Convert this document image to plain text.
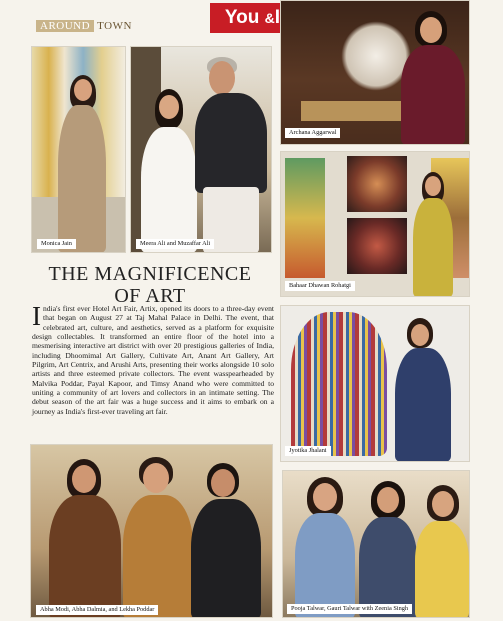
AROUND TOWN	You &I
Monica Jain	Meera Ali and Muzaffar Ali
Archana Aggarwal
Bahaar Dhawan Rohatgi
Jyotika Jhalani
Abha Modi, Abha Dalmia, and Lekha Poddar	Pooja Talwar, Gauri Talwar with Zeenia Singh
THE MAGNIFICENCE
OF ART
India's first ever Hotel Art Fair, Artix, opened its doors to a three-day event that began on August 27 at Taj Mahal Palace in Delhi. The event, that celebrated art, culture, and aesthetics, served as a platform for exquisite design collectables. It transformed an entire floor of the hotel into a mesmerising interactive art district with over 20 prestigious galleries of India, including Dhoomimal Art Gallery, Cultivate Art, Anant Art Gallery, Art Pilgrim, Art Centrix, and Arushi Arts, presenting their works alongside 10 solo artists and three esteemed private collectors. The event wasspearheaded by Malvika Poddar, Payal Kapoor, and Timsy Anand who were committed to uniting a community of art lovers and collectors in an intimate setting. The debut season of the art fair was a huge success and it aims to embark on a journey as India's first-ever traveling art fair.
